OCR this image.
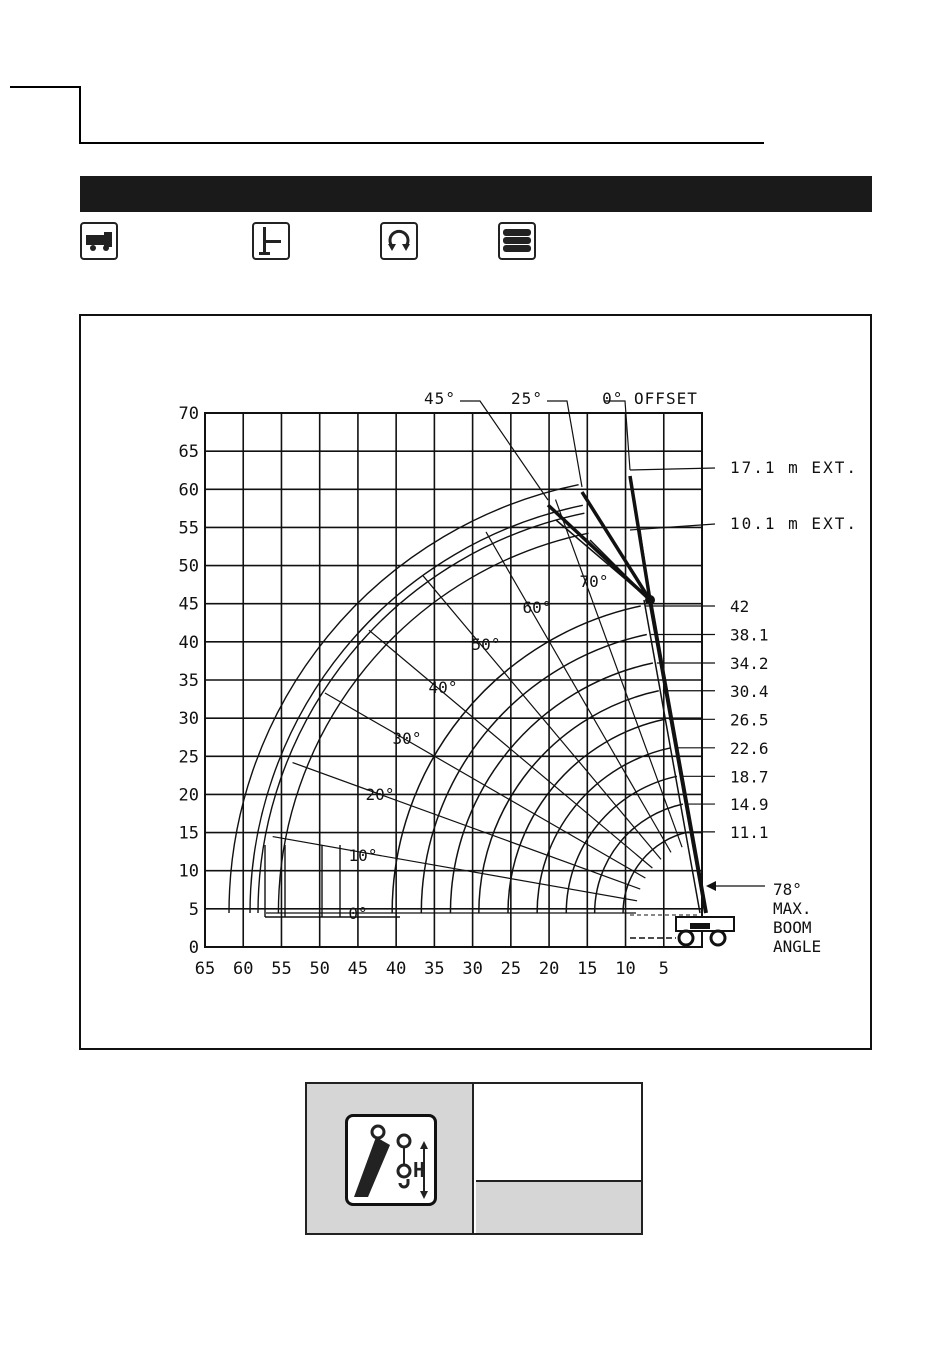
70
65
60
55
50
45
40
35
30
25
20
15
10
5
0
65 60 55 50 45 40 35 30 25 20 15 10 5
42
38.1
34.2
30.4
26.5
22.6
18.7
14.9
11.1
17.1 m EXT.
10.1 m EXT.
0°
10°
20°
30°
40°
50°
60°
70°
45°	25°	0° OFFSET
78°
MAX.
BOOM
ANGLE
H
